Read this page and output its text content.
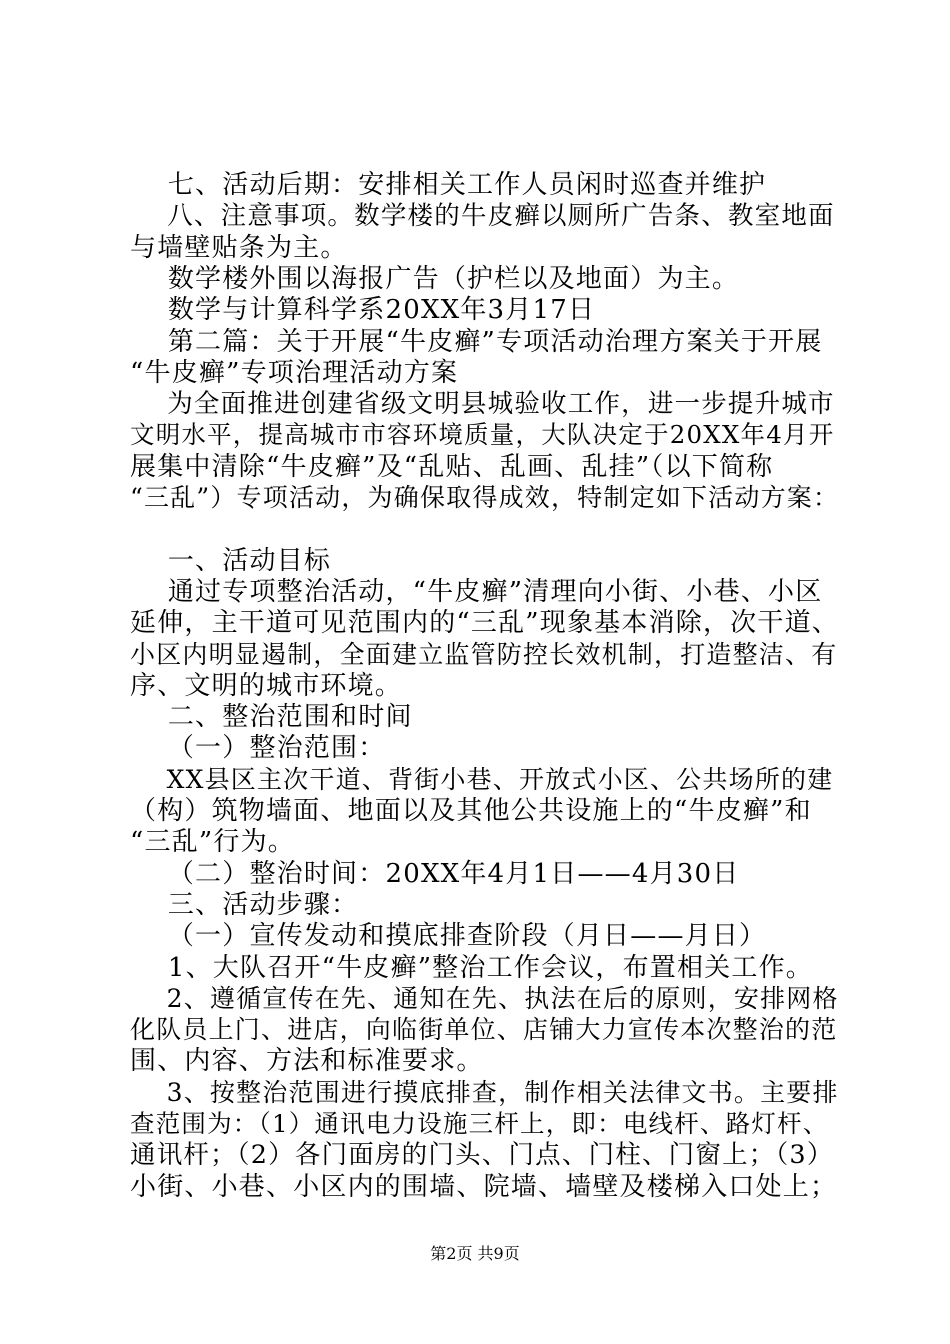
七、活动后期：安排相关工作人员闲时巡查并维护
八、注意事项。数学楼的牛皮癣以厕所广告条、教室地面
与墙壁贴条为主。
数学楼外围以海报广告（护栏以及地面）为主。
数学与计算科学系20XX年3月17日
第二篇：关于开展“牛皮癣”专项活动治理方案关于开展
“牛皮癣”专项治理活动方案
为全面推进创建省级文明县城验收工作，进一步提升城市
文明水平，提高城市市容环境质量，大队决定于20XX年4月开
展集中清除“牛皮癣”及“乱贴、乱画、乱挂”（以下简称
“三乱”）专项活动，为确保取得成效，特制定如下活动方案：
一、活动目标
通过专项整治活动，“牛皮癣”清理向小街、小巷、小区
延伸，主干道可见范围内的“三乱”现象基本消除，次干道、
小区内明显遏制，全面建立监管防控长效机制，打造整洁、有
序、文明的城市环境。
二、整治范围和时间
（一）整治范围：
XX县区主次干道、背街小巷、开放式小区、公共场所的建
（构）筑物墙面、地面以及其他公共设施上的“牛皮癣”和
“三乱”行为。
（二）整治时间：20XX年4月1日——4月30日
三、活动步骤：
（一）宣传发动和摸底排查阶段（月日——月日）
1、大队召开“牛皮癣”整治工作会议，布置相关工作。
2、遵循宣传在先、通知在先、执法在后的原则，安排网格
化队员上门、进店，向临街单位、店铺大力宣传本次整治的范
围、内容、方法和标准要求。
3、按整治范围进行摸底排查，制作相关法律文书。主要排
查范围为：（1）通讯电力设施三杆上，即：电线杆、路灯杆、
通讯杆；（2）各门面房的门头、门点、门柱、门窗上；（3）
小街、小巷、小区内的围墙、院墙、墙壁及楼梯入口处上；
第2页 共9页
